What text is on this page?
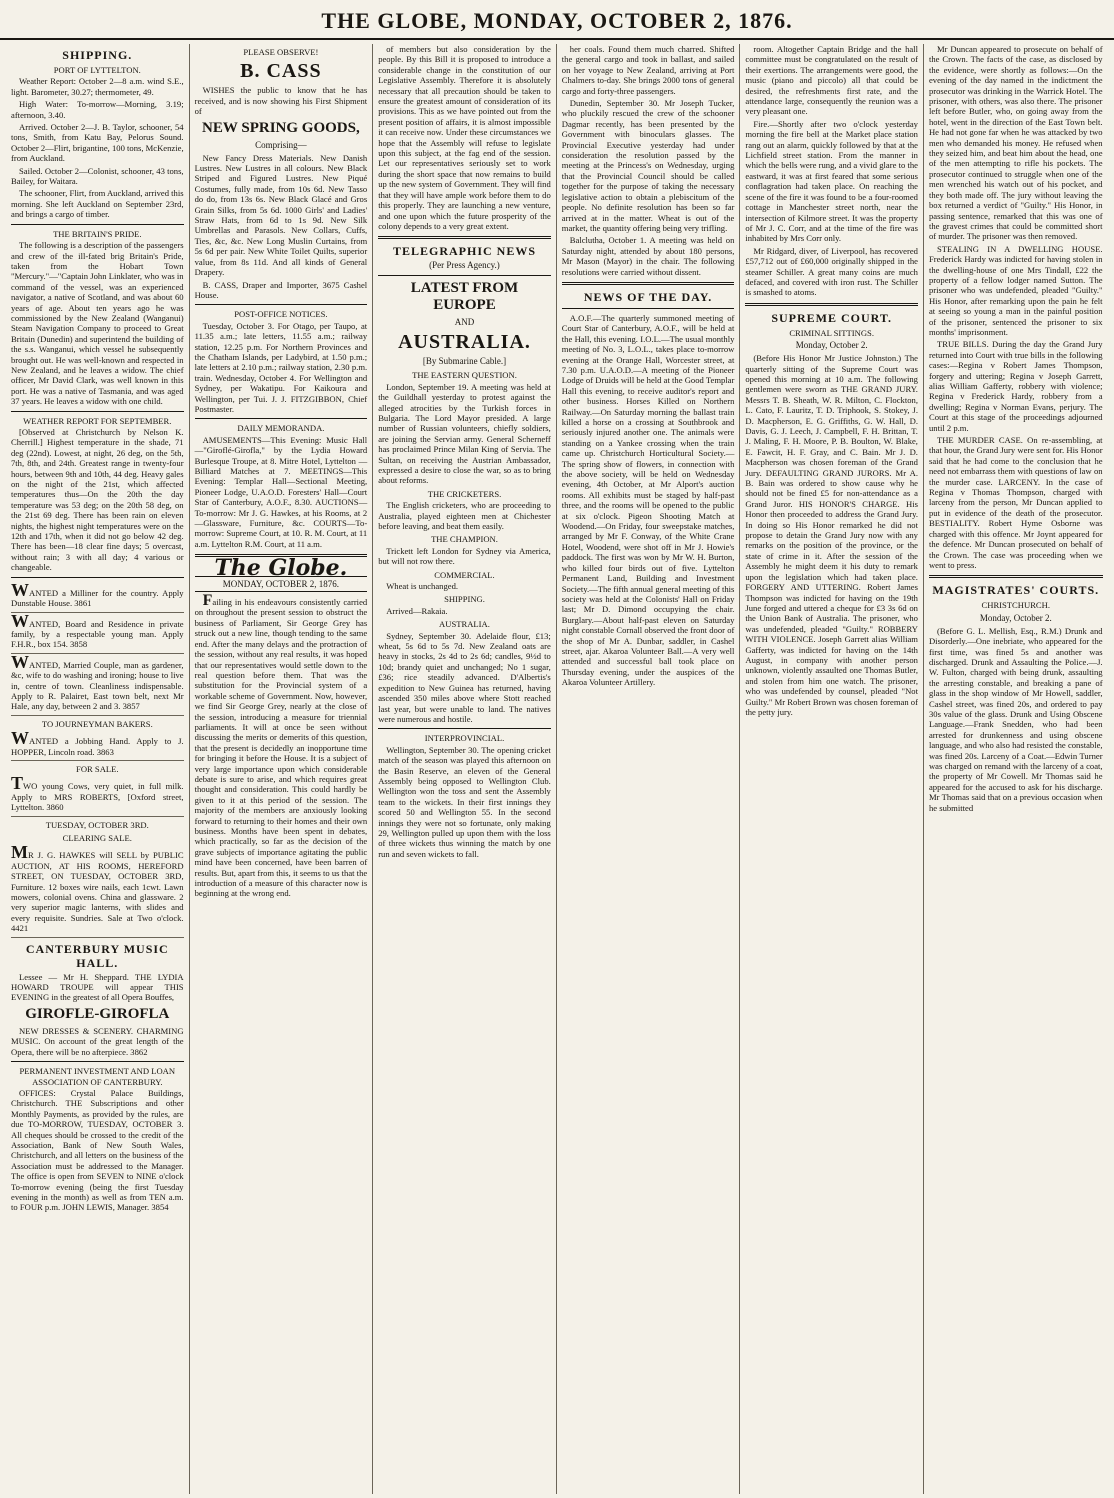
THE GLOBE, MONDAY, OCTOBER 2, 1876.
SHIPPING.
PORT OF LYTTELTON.
Weather Report: October 2—8 a.m. wind S.E., light. Barometer, 30.27; thermometer, 49.
High Water: To-morrow—Morning, 3.19; afternoon, 3.40.
Arrived. October 2—J. B. Taylor, schooner, 54 tons, Smith, from Katu Bay, Pelorus Sound. October 2—Flirt, brigantine, 100 tons, McKenzie, from Auckland.
Sailed. October 2—Colonist, schooner, 43 tons, Bailey, for Waitara.
The schooner, Flirt, from Auckland, arrived this morning. She left Auckland on September 23rd, and brings a cargo of timber.
THE BRITAIN'S PRIDE.
The following is a description of the passengers and crew of the ill-fated brig Britain's Pride, taken from the Hobart Town "Mercury."—"Captain John Linklater, who was in command of the vessel, was an experienced navigator, a native of Scotland, and was about 60 years of age. About ten years ago he was commissioned by the New Zealand (Wanganui) Steam Navigation Company to proceed to Great Britain (Dunedin) and superintend the building of the s.s. Wanganui, which vessel he subsequently brought out. He was well-known and respected in New Zealand, and he leaves a widow. The chief officer, Mr David Clark, was well known in this port. He was a native of Tasmania, and was aged 37 years. He leaves a widow with one child.
WEATHER REPORT FOR SEPTEMBER.
[Observed at Christchurch by Nelson K. Cherrill.] Highest temperature in the shade, 71 deg (22nd). Lowest, at night, 26 deg, on the 5th, 7th, 8th, and 24th. Greatest range in twenty-four hours, between 9th and 10th, 44 deg. Heavy gales on the night of the 21st, which affected temperatures thus—On the 20th the day temperature was 53 deg; on the 20th 58 deg, on the 21st 69 deg. There has been rain on eleven nights, the highest night temperatures were on the 12th and 17th, when it did not go below 42 deg. There has been—18 clear fine days; 5 overcast, without rain; 3 with all day; 4 various or changeable.
WANTED a Milliner for the country. Apply Dunstable House. 3861
WANTED, Board and Residence in private family, by a respectable young man. Apply F.H.R., box 154. 3858
WANTED, Married Couple, man as gardener, &c, wife to do washing and ironing; house to live in, centre of town. Cleanliness indispensable. Apply to R. Palairet, East town belt, next Mr Hale, any day, between 2 and 3. 3857
TO JOURNEYMAN BAKERS.
WANTED a Jobbing Hand. Apply to J. HOPPER, Lincoln road. 3863
FOR SALE.
TWO young Cows, very quiet, in full milk. Apply to MRS ROBERTS, [Oxford street, Lyttelton. 3860
TUESDAY, OCTOBER 3RD.
CLEARING SALE.
MR J. G. HAWKES will SELL by PUBLIC AUCTION, AT HIS ROOMS, HEREFORD STREET, ON TUESDAY, OCTOBER 3RD, Furniture. 12 boxes wire nails, each 1cwt. Lawn mowers, colonial ovens. China and glassware. 2 very superior magic lanterns, with slides and every requisite. Sundries. Sale at Two o'clock. 4421
CANTERBURY MUSIC HALL.
Lessee — Mr H. Sheppard. THE LYDIA HOWARD TROUPE will appear THIS EVENING in the greatest of all Opera Bouffes,
GIROFLE-GIROFLA
NEW DRESSES & SCENERY. CHARMING MUSIC. On account of the great length of the Opera, there will be no afterpiece. 3862
PERMANENT INVESTMENT AND LOAN ASSOCIATION OF CANTERBURY.
OFFICES: Crystal Palace Buildings, Christchurch. THE Subscriptions and other Monthly Payments, as provided by the rules, are due TO-MORROW, TUESDAY, OCTOBER 3. All cheques should be crossed to the credit of the Association, Bank of New South Wales, Christchurch, and all letters on the business of the Association must be addressed to the Manager. The office is open from SEVEN to NINE o'clock To-morrow evening (being the first Tuesday evening in the month) as well as from TEN a.m. to FOUR p.m. JOHN LEWIS, Manager. 3854
PLEASE OBSERVE!
B. CASS
WISHES the public to know that he has received, and is now showing his First Shipment of
NEW SPRING GOODS,
Comprising—
New Fancy Dress Materials. New Danish Lustres. New Lustres in all colours. New Black Striped and Figured Lustres. New Piqué Costumes, fully made, from 10s 6d. New Tasso do do, from 13s 6s. New Black Glacé and Gros Grain Silks, from 5s 6d. 1000 Girls' and Ladies' Straw Hats, from 6d to 1s 9d. New Silk Umbrellas and Parasols. New Collars, Cuffs, Ties, &c, &c. New Long Muslin Curtains, from 5s 6d per pair. New White Toilet Quilts, superior value, from 8s 11d. And all kinds of General Drapery.
B. CASS, Draper and Importer, 3675 Cashel House.
POST-OFFICE NOTICES.
Tuesday, October 3. For Otago, per Taupo, at 11.35 a.m.; late letters, 11.55 a.m.; railway station, 12.25 p.m. For Northern Provinces and the Chatham Islands, per Ladybird, at 1.50 p.m.; late letters at 2.10 p.m.; railway station, 2.30 p.m. train. Wednesday, October 4. For Wellington and Sydney, per Wakatipu. For Kaikoura and Wellington, per Tui. J. J. FITZGIBBON, Chief Postmaster.
DAILY MEMORANDA.
AMUSEMENTS—This Evening: Music Hall—"Giroflé-Girofla," by the Lydia Howard Burlesque Troupe, at 8. Mitre Hotel, Lyttelton — Billiard Matches at 7. MEETINGS—This Evening: Templar Hall—Sectional Meeting, Pioneer Lodge, U.A.O.D. Foresters' Hall—Court Star of Canterbury, A.O.F., 8.30. AUCTIONS—To-morrow: Mr J. G. Hawkes, at his Rooms, at 2—Glassware, Furniture, &c. COURTS—To-morrow: Supreme Court, at 10. R. M. Court, at 11 a.m. Lyttelton R.M. Court, at 11 a.m.
The Globe.
MONDAY, OCTOBER 2, 1876.
Failing in his endeavours consistently carried on throughout the present session to obstruct the business of Parliament, Sir George Grey has struck out a new line, though tending to the same end. After the many delays and the protraction of the session, without any real results, it was hoped that our representatives would settle down to the real question before them. That was the substitution for the Provincial system of a workable scheme of Government. Now, however, we find Sir George Grey, nearly at the close of the session, introducing a measure for triennial parliaments. It will at once be seen without discussing the merits or demerits of this question, that the present is decidedly an inopportune time for bringing it before the House. It is a subject of very large importance upon which considerable debate is sure to arise, and which requires great thought and consideration. This could hardly be given to it at this period of the session. The majority of the members are anxiously looking forward to returning to their homes and their own business. Months have been spent in debates, which practically, so far as the decision of the grave subjects of importance agitating the public mind have been concerned, have been barren of results. But, apart from this, it seems to us that the introduction of a measure of this character now is beginning at the wrong end.
of members but also consideration by the people. By this Bill it is proposed to introduce a considerable change in the constitution of our Legislative Assembly. Therefore it is absolutely necessary that all precaution should be taken to ensure the greatest amount of consideration of its provisions. This as we have pointed out from the present position of affairs, it is almost impossible it can receive now. Under these circumstances we hope that the Assembly will refuse to legislate upon this subject, at the fag end of the session. Let our representatives seriously set to work during the short space that now remains to build up the new system of Government. They will find that they will have ample work before them to do this properly. They are launching a new venture, and one upon which the future prosperity of the colony depends to a very great extent.
TELEGRAPHIC NEWS
(Per Press Agency.)
LATEST FROM EUROPE
AND
AUSTRALIA.
[By Submarine Cable.]
THE EASTERN QUESTION.
London, September 19. A meeting was held at the Guildhall yesterday to protest against the alleged atrocities by the Turkish forces in Bulgaria. The Lord Mayor presided. A large number of Russian volunteers, chiefly soldiers, are joining the Servian army. General Scherneff has proclaimed Prince Milan King of Servia. The Sultan, on receiving the Austrian Ambassador, expressed a desire to close the war, so as to bring about reforms.
THE CRICKETERS.
The English cricketers, who are proceeding to Australia, played eighteen men at Chichester before leaving, and beat them easily.
THE CHAMPION.
Trickett left London for Sydney via America, but will not row there.
COMMERCIAL.
Wheat is unchanged.
SHIPPING.
Arrived—Rakaia.
AUSTRALIA.
Sydney, September 30. Adelaide flour, £13; wheat, 5s 6d to 5s 7d. New Zealand oats are heavy in stocks, 2s 4d to 2s 6d; candles, 9½d to 10d; brandy quiet and unchanged; No 1 sugar, £36; rice steadily advanced. D'Albertis's expedition to New Guinea has returned, having ascended 350 miles above where Stott reached last year, but were unable to land. The natives were numerous and hostile.
INTERPROVINCIAL.
Wellington, September 30. The opening cricket match of the season was played this afternoon on the Basin Reserve, an eleven of the General Assembly being opposed to Wellington Club. Wellington won the toss and sent the Assembly team to the wickets. In their first innings they scored 50 and Wellington 55. In the second innings they were not so fortunate, only making 29, Wellington pulled up upon them with the loss of three wickets thus winning the match by one run and seven wickets to fall.
her coals. Found them much charred. Shifted the general cargo and took in ballast, and sailed on her voyage to New Zealand, arriving at Port Chalmers to-day. She brings 2000 tons of general cargo and forty-three passengers.
Dunedin, September 30. Mr Joseph Tucker, who pluckily rescued the crew of the schooner Dagmar recently, has been presented by the Government with binoculars glasses. The Provincial Executive yesterday had under consideration the resolution passed by the meeting at the Princess's on Wednesday, urging that the Provincial Council should be called together for the purpose of taking the necessary legislative action to obtain a plebiscitum of the people. No definite resolution has been so far arrived at in the matter. Wheat is out of the market, the quantity offering being very trifling.
Balclutha, October 1. A meeting was held on Saturday night, attended by about 180 persons, Mr Mason (Mayor) in the chair. The following resolutions were carried without dissent.
NEWS OF THE DAY.
A.O.F.—The quarterly summoned meeting of Court Star of Canterbury, A.O.F., will be held at the Hall, this evening. I.O.L.—The usual monthly meeting of No. 3, L.O.L., takes place to-morrow evening at the Orange Hall, Worcester street, at 7.30 p.m. U.A.O.D.—A meeting of the Pioneer Lodge of Druids will be held at the Good Templar Hall this evening, to receive auditor's report and other business. Horses Killed on Northern Railway.—On Saturday morning the ballast train killed a horse on a crossing at Southbrook and seriously injured another one. The animals were standing on a Yankee crossing when the train came up. Christchurch Horticultural Society.—The spring show of flowers, in connection with the above society, will be held on Wednesday evening, 4th October, at Mr Alport's auction rooms. All exhibits must be staged by half-past three, and the rooms will be opened to the public at six o'clock. Pigeon Shooting Match at Woodend.—On Friday, four sweepstake matches, arranged by Mr F. Conway, of the White Crane Hotel, Woodend, were shot off in Mr J. Howie's paddock. The first was won by Mr W. H. Burton, who killed four birds out of five. Lyttelton Permanent Land, Building and Investment Society.—The fifth annual general meeting of this society was held at the Colonists' Hall on Friday last; Mr D. Dimond occupying the chair. Burglary.—About half-past eleven on Saturday night constable Cornall observed the front door of the shop of Mr A. Dunbar, saddler, in Cashel street, ajar. Akaroa Volunteer Ball.—A very well attended and successful ball took place on Thursday evening, under the auspices of the Akaroa Volunteer Artillery.
room. Altogether Captain Bridge and the hall committee must be congratulated on the result of their exertions. The arrangements were good, the music (piano and piccolo) all that could be desired, the refreshments first rate, and the attendance large, consequently the reunion was a very pleasant one.
Fire.—Shortly after two o'clock yesterday morning the fire bell at the Market place station rang out an alarm, quickly followed by that at the Lichfield street station. From the manner in which the bells were rung, and a vivid glare to the eastward, it was at first feared that some serious conflagration had taken place. On reaching the scene of the fire it was found to be a four-roomed cottage in Manchester street north, near the intersection of Kilmore street. It was the property of Mr J. C. Corr, and at the time of the fire was inhabited by Mrs Corr only.
Mr Ridgard, diver, of Liverpool, has recovered £57,712 out of £60,000 originally shipped in the steamer Schiller. A great many coins are much defaced, and covered with iron rust. The Schiller is smashed to atoms.
SUPREME COURT.
CRIMINAL SITTINGS.
Monday, October 2.
(Before His Honor Mr Justice Johnston.) The quarterly sitting of the Supreme Court was opened this morning at 10 a.m. The following gentlemen were sworn as THE GRAND JURY. Messrs T. B. Sheath, W. R. Milton, C. Flockton, L. Cato, F. Lauritz, T. D. Triphook, S. Stokey, J. D. Macpherson, E. G. Griffiths, G. W. Hall, D. Davis, G. J. Leech, J. Campbell, F. H. Brittan, T. J. Maling, F. H. Moore, P. B. Boulton, W. Blake, E. Fawcit, H. F. Gray, and C. Bain. Mr J. D. Macpherson was chosen foreman of the Grand Jury. DEFAULTING GRAND JURORS. Mr A. B. Bain was ordered to show cause why he should not be fined £5 for non-attendance as a Grand Juror. HIS HONOR'S CHARGE. His Honor then proceeded to address the Grand Jury. In doing so His Honor remarked he did not propose to detain the Grand Jury now with any remarks on the position of the province, or the state of crime in it. After the session of the Assembly he might deem it his duty to remark upon the legislation which had taken place. FORGERY AND UTTERING. Robert James Thompson was indicted for having on the 19th June forged and uttered a cheque for £3 3s 6d on the Union Bank of Australia. The prisoner, who was undefended, pleaded "Guilty." ROBBERY WITH VIOLENCE. Joseph Garrett alias William Gafferty, was indicted for having on the 14th August, in company with another person unknown, violently assaulted one Thomas Butler, and stolen from him one watch. The prisoner, who was undefended by counsel, pleaded "Not Guilty." Mr Robert Brown was chosen foreman of the petty jury.
Mr Duncan appeared to prosecute on behalf of the Crown. The facts of the case, as disclosed by the evidence, were shortly as follows:—On the evening of the day named in the indictment the prosecutor was drinking in the Warrick Hotel. The prisoner, with others, was also there. The prisoner left before Butler, who, on going away from the hotel, went in the direction of the East Town belt. He had not gone far when he was attacked by two men who demanded his money. He refused when they seized him, and beat him about the head, one of the men attempting to rifle his pockets. The prosecutor continued to struggle when one of the men wrenched his watch out of his pocket, and they both made off. The jury without leaving the box returned a verdict of "Guilty." His Honor, in passing sentence, remarked that this was one of the gravest crimes that could be committed short of murder. The prisoner was then removed.
STEALING IN A DWELLING HOUSE. Frederick Hardy was indicted for having stolen in the dwelling-house of one Mrs Tindall, £22 the property of a fellow lodger named Sutton. The prisoner who was undefended, pleaded "Guilty." His Honor, after remarking upon the pain he felt at seeing so young a man in the painful position of the prisoner, sentenced the prisoner to six months' imprisonment.
TRUE BILLS. During the day the Grand Jury returned into Court with true bills in the following cases:—Regina v Robert James Thompson, forgery and uttering; Regina v Joseph Garrett, alias William Gafferty, robbery with violence; Regina v Frederick Hardy, robbery from a dwelling; Regina v Norman Evans, perjury. The Court at this stage of the proceedings adjourned until 2 p.m.
THE MURDER CASE. On re-assembling, at that hour, the Grand Jury were sent for. His Honor said that he had come to the conclusion that he need not embarrass them with questions of law on the murder case. LARCENY. In the case of Regina v Thomas Thompson, charged with larceny from the person, Mr Duncan applied to put in evidence of the death of the prosecutor. BESTIALITY. Robert Hyme Osborne was charged with this offence. Mr Joynt appeared for the defence. Mr Duncan prosecuted on behalf of the Crown. The case was proceeding when we went to press.
MAGISTRATES' COURTS.
CHRISTCHURCH.
Monday, October 2.
(Before G. L. Mellish, Esq., R.M.) Drunk and Disorderly.—One inebriate, who appeared for the first time, was fined 5s and another was discharged. Drunk and Assaulting the Police.—J. W. Fulton, charged with being drunk, assaulting the arresting constable, and breaking a pane of glass in the shop window of Mr Howell, saddler, Cashel street, was fined 20s, and ordered to pay 30s value of the glass. Drunk and Using Obscene Language.—Frank Snedden, who had been arrested for drunkenness and using obscene language, and who also had resisted the constable, was fined 20s. Larceny of a Coat.—Edwin Turner was charged on remand with the larceny of a coat, the property of Mr Cowell. Mr Thomas said he appeared for the accused to ask for his discharge. Mr Thomas said that on a previous occasion when he submitted
